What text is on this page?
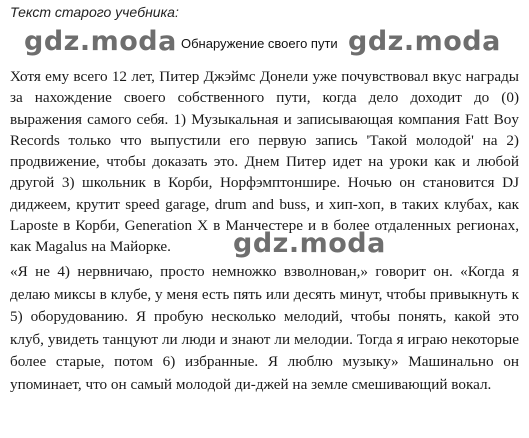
Текст старого учебника:
gdz.moda Обнаружение своего пути gdz.moda

Хотя ему всего 12 лет, Питер Джэймс Донели уже почувствовал вкус награды за нахождение своего собственного пути, когда дело доходит до (0) выражения самого себя. 1) Музыкальная и записывающая компания Fatt Boy Records только что выпустили его первую запись 'Такой молодой' на 2) продвижение, чтобы доказать это. Днем Питер идет на уроки как и любой другой 3) школьник в Корби, Норфэмптоншире. Ночью он становится DJ диджеем, крутит speed garage, drum and buss, и хип-хоп, в таких клубах, как Laposte в Корби, Generation X в Манчестере и в более отдаленных регионах, как Magalus на Майорке.	gdz.moda

«Я не 4) нервничаю, просто немножко взволнован,» говорит он. «Когда я делаю миксы в клубе, у меня есть пять или десять минут, чтобы привыкнуть к 5) оборудованию. Я пробую несколько мелодий, чтобы понять, какой это клуб, увидеть танцуют ли люди и знают ли мелодии. Тогда я играю некоторые более старые, потом 6) избранные. Я люблю музыку» Машинально он упоминает, что он самый молодой ди-джей на земле смешивающий вокал.
